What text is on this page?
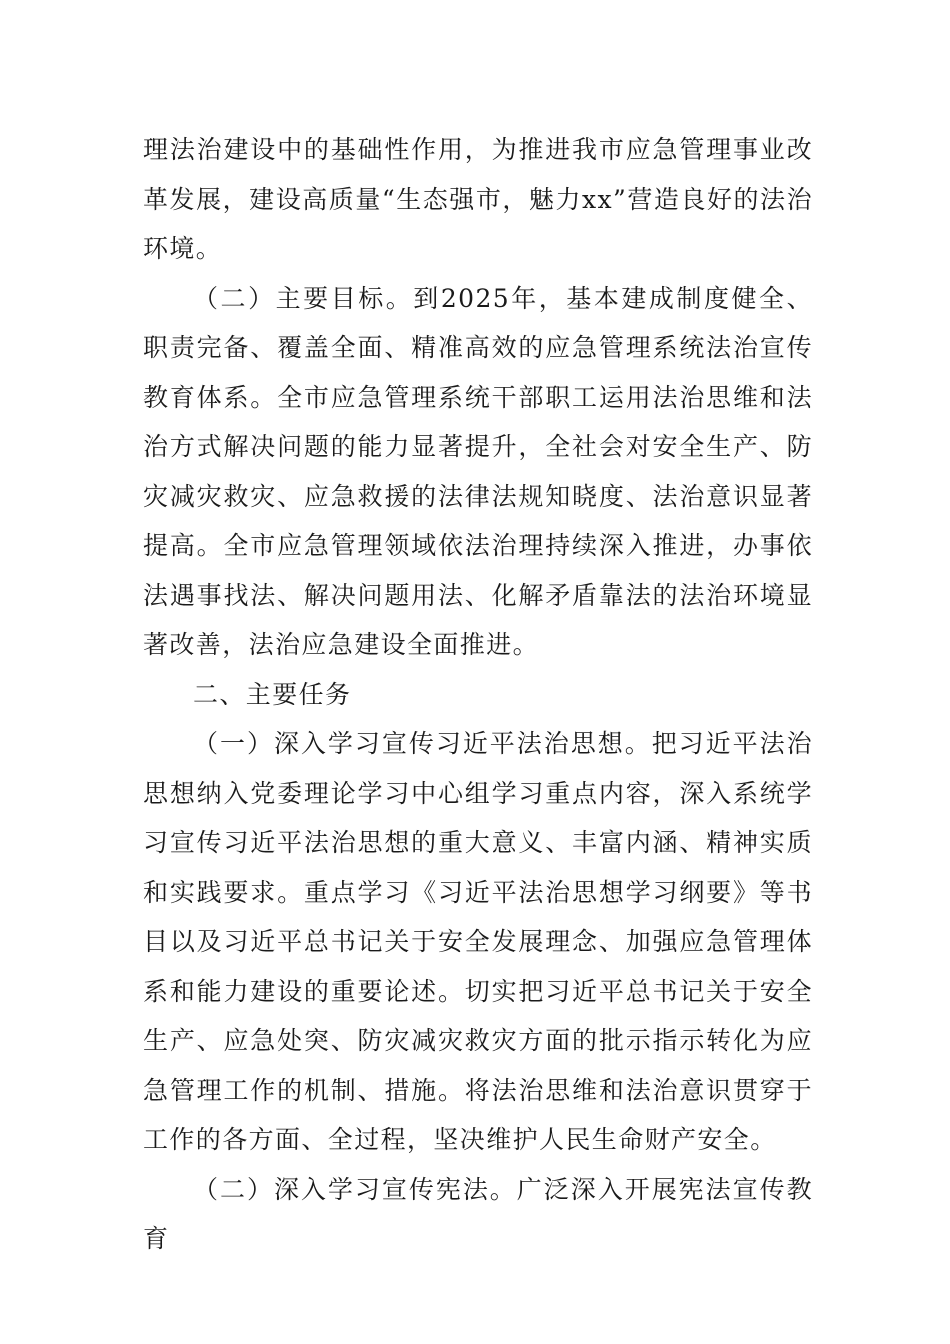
理法治建设中的基础性作用，为推进我市应急管理事业改革发展，建设高质量“生态强市，魅力xx”营造良好的法治环境。

（二）主要目标。到2025年，基本建成制度健全、职责完备、覆盖全面、精准高效的应急管理系统法治宣传教育体系。全市应急管理系统干部职工运用法治思维和法治方式解决问题的能力显著提升，全社会对安全生产、防灾减灾救灾、应急救援的法律法规知晓度、法治意识显著提高。全市应急管理领域依法治理持续深入推进，办事依法遇事找法、解决问题用法、化解矛盾靠法的法治环境显著改善，法治应急建设全面推进。

二、主要任务

（一）深入学习宣传习近平法治思想。把习近平法治思想纳入党委理论学习中心组学习重点内容，深入系统学习宣传习近平法治思想的重大意义、丰富内涵、精神实质和实践要求。重点学习《习近平法治思想学习纲要》等书目以及习近平总书记关于安全发展理念、加强应急管理体系和能力建设的重要论述。切实把习近平总书记关于安全生产、应急处突、防灾减灾救灾方面的批示指示转化为应急管理工作的机制、措施。将法治思维和法治意识贯穿于工作的各方面、全过程，坚决维护人民生命财产安全。

（二）深入学习宣传宪法。广泛深入开展宪法宣传教育
